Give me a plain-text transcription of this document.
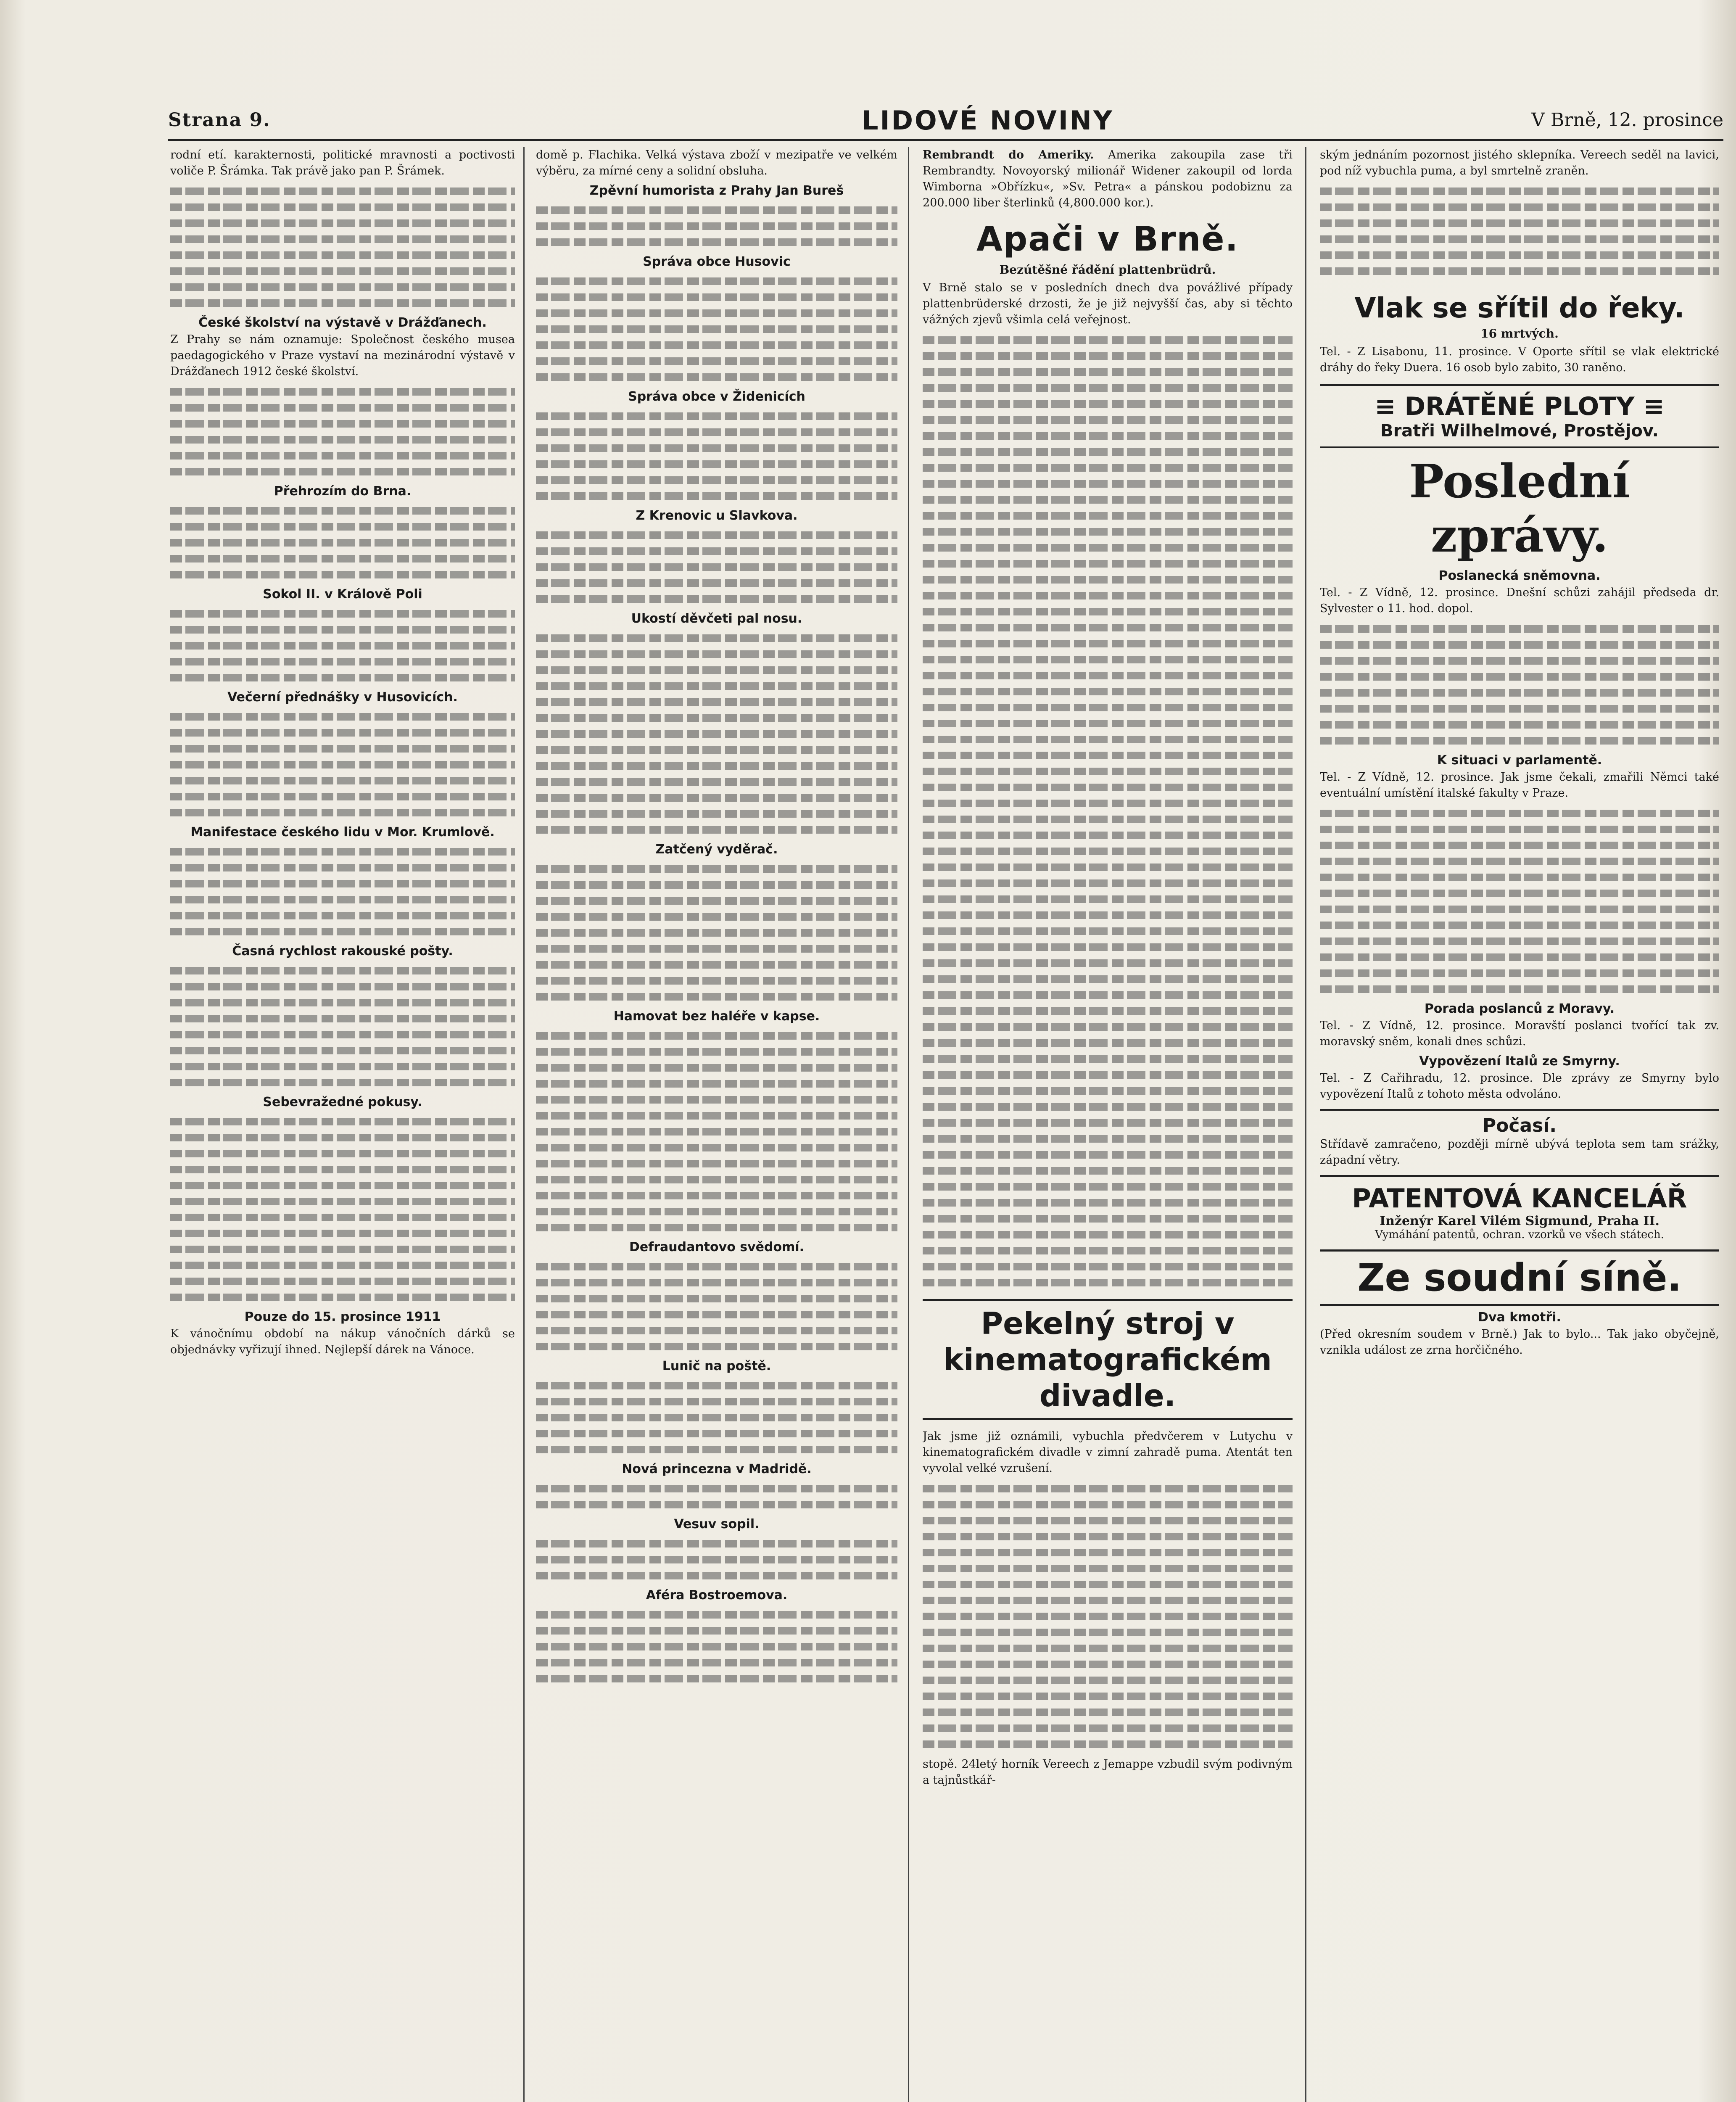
Strana 9.	LIDOVÉ NOVINY	V Brně, 12. prosince

rodní etí. karakternosti, politické mravnosti a poctivosti voliče P. Šrámka. Tak právě jako pan P. Šrámek.

České školství na výstavě v Drážďanech.

Z Prahy se nám oznamuje: Společnost českého musea paedagogického v Praze vystaví na mezinárodní výstavě v Drážďanech 1912 české školství.

Přehrozím do Brna.
Sokol II. v Králově Poli
Večerní přednášky v Husovicích.
Manifestace českého lidu v Mor. Krumlově.
Časná rychlost rakouské pošty.
Sebevražedné pokusy.
Pouze do 15. prosince 1911

K vánočnímu období na nákup vánočních dárků se objednávky vyřizují ihned. Nejlepší dárek na Vánoce.

domě p. Flachika. Velká výstava zboží v mezipatře ve velkém výběru, za mírné ceny a solidní obsluha.

Zpěvní humorista z Prahy Jan Bureš
Správa obce Husovic
Správa obce v Židenicích
Z Krenovic u Slavkova.
Ukostí děvčeti pal nosu.
Zatčený vyděrač.
Hamovat bez haléře v kapse.
Defraudantovo svědomí.
Lunič na poště.
Nová princezna v Madridě.
Vesuv sopil.
Aféra Bostroemova.

Rembrandt do Ameriky. Amerika zakoupila zase tři Rembrandty. Novoyorský milionář Widener zakoupil od lorda Wimborna »Obřízku«, »Sv. Petra« a pánskou podobiznu za 200.000 liber šterlinků (4,800.000 kor.).

Apači v Brně.
Bezútěšné řádění plattenbrüdrů.

V Brně stalo se v posledních dnech dva povážlivé případy plattenbrüderské drzosti, že je již nejvyšší čas, aby si těchto vážných zjevů všimla celá veřejnost.

Pekelný stroj v kinematografickém divadle.

Jak jsme již oznámili, vybuchla předvčerem v Lutychu v kinematografickém divadle v zimní zahradě puma. Atentát ten vyvolal velké vzrušení.

stopě. 24letý horník Vereech z Jemappe vzbudil svým podivným a tajnůstkář-

ským jednáním pozornost jistého sklepníka. Vereech seděl na lavici, pod níž vybuchla puma, a byl smrtelně zraněn.

Vlak se sřítil do řeky.
16 mrtvých.

Tel. - Z Lisabonu, 11. prosince. V Oporte sřítil se vlak elektrické dráhy do řeky Duera. 16 osob bylo zabito, 30 raněno.

≡ DRÁTĚNÉ PLOTY ≡
Bratři Wilhelmové, Prostějov.
Poslední zprávy.
Poslanecká sněmovna.

Tel. - Z Vídně, 12. prosince. Dnešní schůzi zahájil předseda dr. Sylvester o 11. hod. dopol.

K situaci v parlamentě.

Tel. - Z Vídně, 12. prosince. Jak jsme čekali, zmařili Němci také eventuální umístění italské fakulty v Praze.

Porada poslanců z Moravy.

Tel. - Z Vídně, 12. prosince. Moravští poslanci tvořící tak zv. moravský sněm, konali dnes schůzi.

Vypovězení Italů ze Smyrny.

Tel. - Z Cařihradu, 12. prosince. Dle zprávy ze Smyrny bylo vypovězení Italů z tohoto města odvoláno.

Počasí.

Střídavě zamračeno, později mírně ubývá teplota sem tam srážky, západní větry.

PATENTOVÁ KANCELÁŘ
Inženýr Karel Vilém Sigmund, Praha II.
Vymáhání patentů, ochran. vzorků ve všech státech.
Ze soudní síně.
Dva kmotři.

(Před okresním soudem v Brně.) Jak to bylo... Tak jako obyčejně, vznikla událost ze zrna horčičného.
